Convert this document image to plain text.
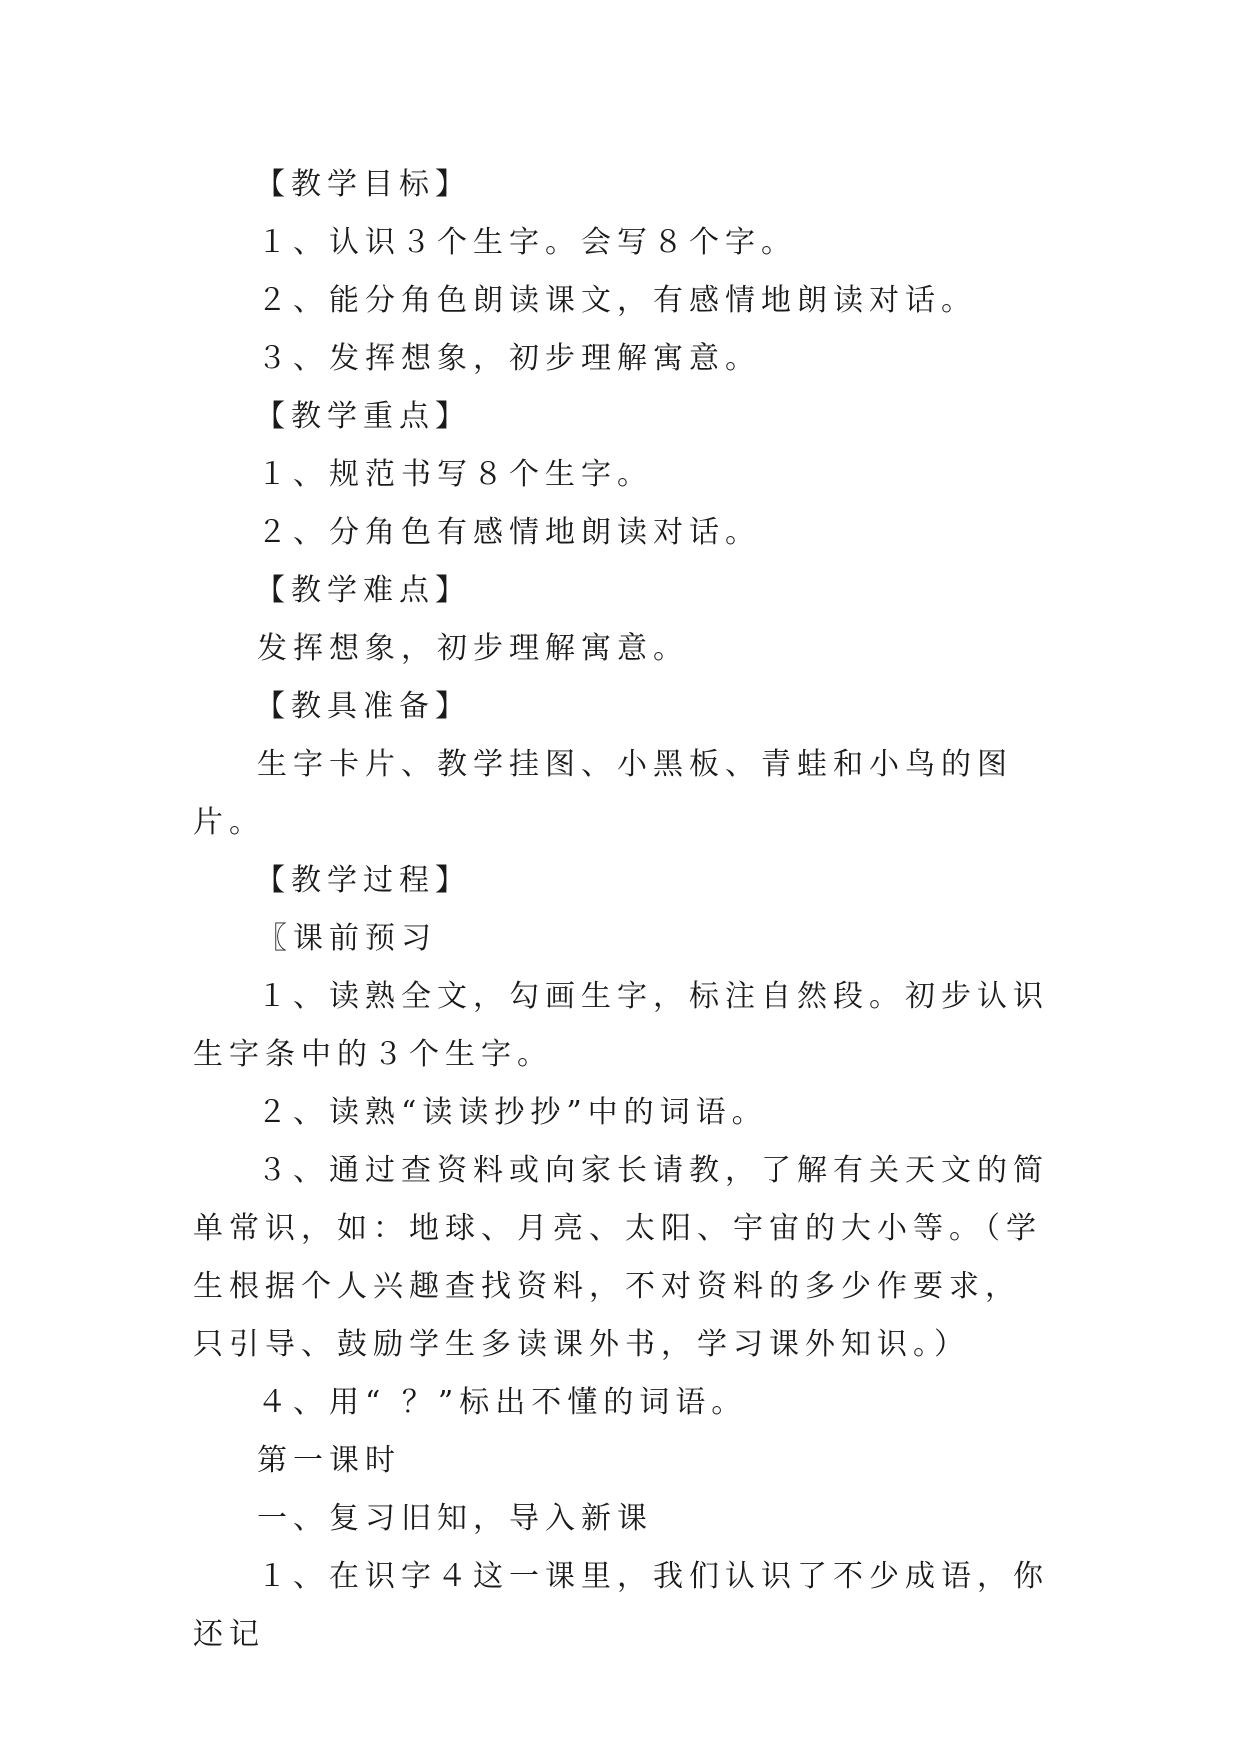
【教学目标】

１、认识３个生字。会写８个字。

２、能分角色朗读课文，有感情地朗读对话。

３、发挥想象，初步理解寓意。

【教学重点】

１、规范书写８个生字。

２、分角色有感情地朗读对话。

【教学难点】

发挥想象，初步理解寓意。

【教具准备】

生字卡片、教学挂图、小黑板、青蛙和小鸟的图片。

【教学过程】

〖课前预习

１、读熟全文，勾画生字，标注自然段。初步认识生字条中的３个生字。

２、读熟“读读抄抄”中的词语。

３、通过查资料或向家长请教，了解有关天文的简单常识，如：地球、月亮、太阳、宇宙的大小等。（学生根据个人兴趣查找资料，不对资料的多少作要求，只引导、鼓励学生多读课外书，学习课外知识。）

４、用“ ？”标出不懂的词语。

第一课时

一、复习旧知，导入新课

１、在识字４这一课里，我们认识了不少成语，你还记
